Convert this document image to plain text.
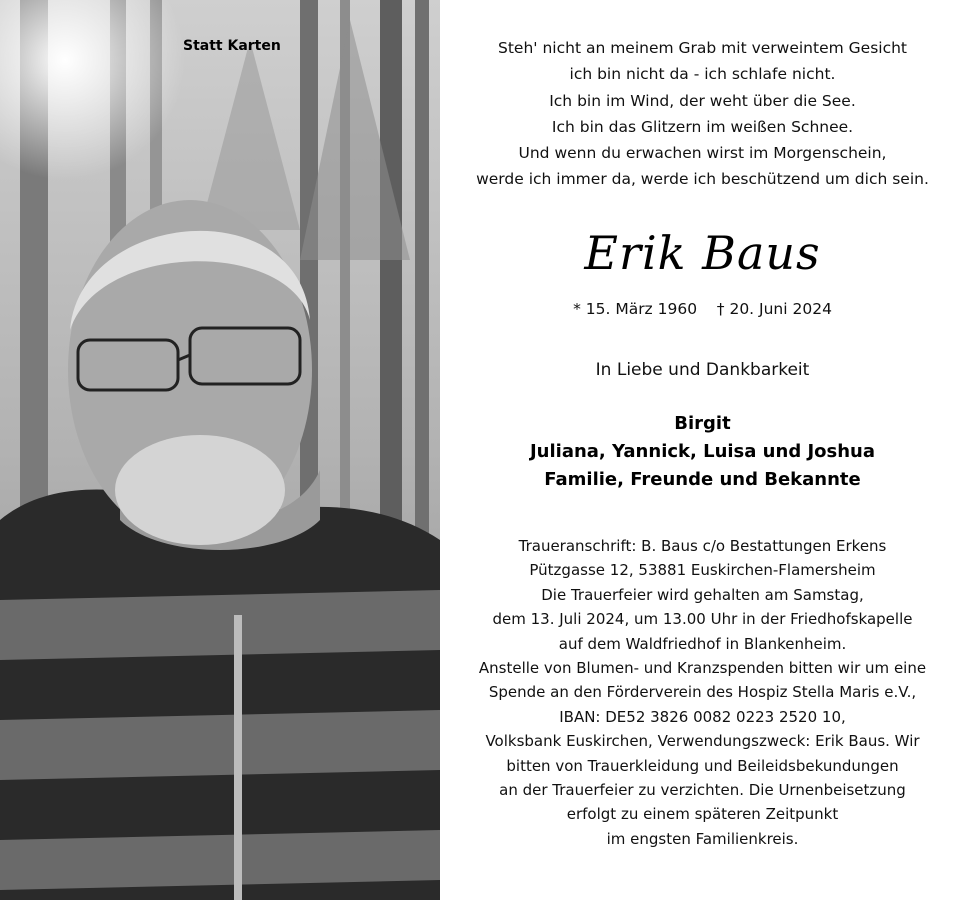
Statt Karten	Steh' nicht an meinem Grab mit verweintem Gesicht
ich bin nicht da - ich schlafe nicht.
Ich bin im Wind, der weht über die See.
Ich bin das Glitzern im weißen Schnee.
Und wenn du erwachen wirst im Morgenschein,
werde ich immer da, werde ich beschützend um dich sein.
Erik Baus
* 15. März 1960    † 20. Juni 2024
In Liebe und Dankbarkeit
Birgit
Juliana, Yannick, Luisa und Joshua
Familie, Freunde und Bekannte
Traueranschrift: B. Baus c/o Bestattungen Erkens
Pützgasse 12, 53881 Euskirchen-Flamersheim
Die Trauerfeier wird gehalten am Samstag,
dem 13. Juli 2024, um 13.00 Uhr in der Friedhofskapelle
auf dem Waldfriedhof in Blankenheim.
Anstelle von Blumen- und Kranzspenden bitten wir um eine
Spende an den Förderverein des Hospiz Stella Maris e.V.,
IBAN: DE52 3826 0082 0223 2520 10,
Volksbank Euskirchen, Verwendungszweck: Erik Baus. Wir
bitten von Trauerkleidung und Beileidsbekundungen
an der Trauerfeier zu verzichten. Die Urnenbeisetzung
erfolgt zu einem späteren Zeitpunkt
im engsten Familienkreis.
